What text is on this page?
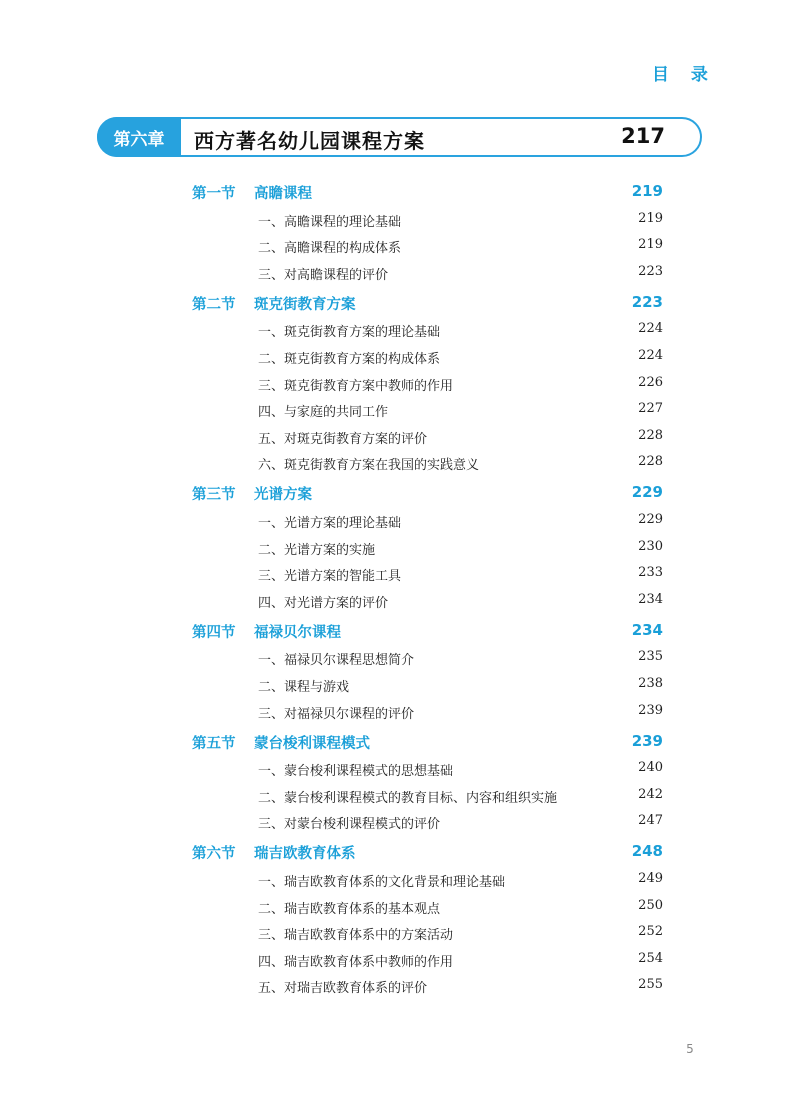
目 录
第六章	西方著名幼儿园课程方案	217
第一节 高瞻课程	219
一、高瞻课程的理论基础	219
二、高瞻课程的构成体系	219
三、对高瞻课程的评价	223
第二节 斑克街教育方案	223
一、斑克街教育方案的理论基础	224
二、斑克街教育方案的构成体系	224
三、斑克街教育方案中教师的作用	226
四、与家庭的共同工作	227
五、对斑克街教育方案的评价	228
六、斑克街教育方案在我国的实践意义	228
第三节 光谱方案	229
一、光谱方案的理论基础	229
二、光谱方案的实施	230
三、光谱方案的智能工具	233
四、对光谱方案的评价	234
第四节 福禄贝尔课程	234
一、福禄贝尔课程思想简介	235
二、课程与游戏	238
三、对福禄贝尔课程的评价	239
第五节 蒙台梭利课程模式	239
一、蒙台梭利课程模式的思想基础	240
二、蒙台梭利课程模式的教育目标、内容和组织实施	242
三、对蒙台梭利课程模式的评价	247
第六节 瑞吉欧教育体系	248
一、瑞吉欧教育体系的文化背景和理论基础	249
二、瑞吉欧教育体系的基本观点	250
三、瑞吉欧教育体系中的方案活动	252
四、瑞吉欧教育体系中教师的作用	254
五、对瑞吉欧教育体系的评价	255
5
